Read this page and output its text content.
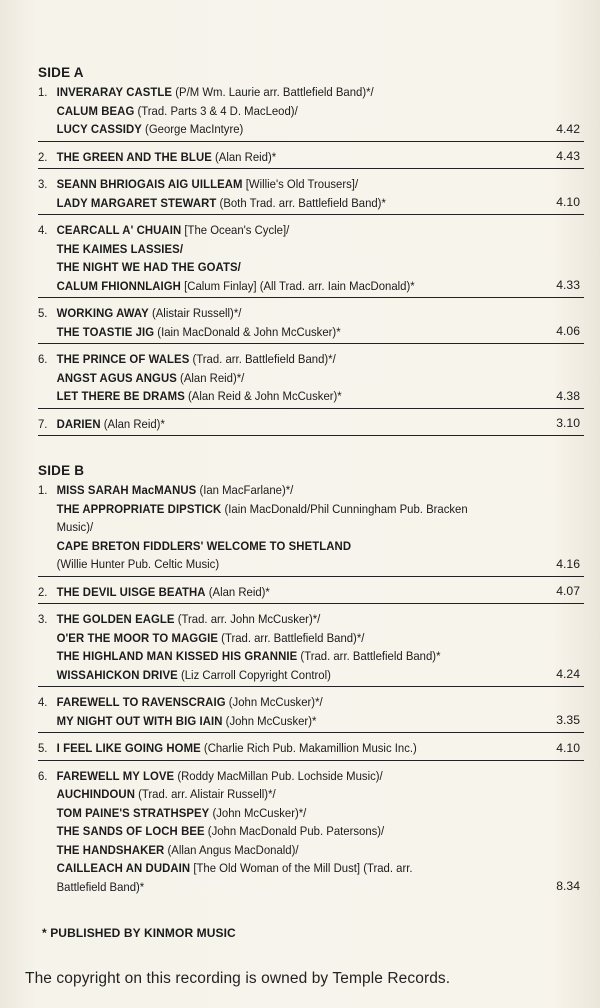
SIDE A
1. INVERARAY CASTLE (P/M Wm. Laurie arr. Battlefield Band)*/
CALUM BEAG (Trad. Parts 3 & 4 D. MacLeod)/
LUCY CASSIDY (George MacIntyre)	4.42
2. THE GREEN AND THE BLUE (Alan Reid)*	4.43
3. SEANN BHRIOGAIS AIG UILLEAM [Willie's Old Trousers]/
LADY MARGARET STEWART (Both Trad. arr. Battlefield Band)*	4.10
4. CEARCALL A' CHUAIN [The Ocean's Cycle]/
THE KAIMES LASSIES/
THE NIGHT WE HAD THE GOATS/
CALUM FHIONNLAIGH [Calum Finlay] (All Trad. arr. Iain MacDonald)*	4.33
5. WORKING AWAY (Alistair Russell)*/
THE TOASTIE JIG (Iain MacDonald & John McCusker)*	4.06
6. THE PRINCE OF WALES (Trad. arr. Battlefield Band)*/
ANGST AGUS ANGUS (Alan Reid)*/
LET THERE BE DRAMS (Alan Reid & John McCusker)*	4.38
7. DARIEN (Alan Reid)*	3.10
SIDE B
1. MISS SARAH MacMANUS (Ian MacFarlane)*/
THE APPROPRIATE DIPSTICK (Iain MacDonald/Phil Cunningham Pub. Bracken
Music)/
CAPE BRETON FIDDLERS' WELCOME TO SHETLAND
(Willie Hunter Pub. Celtic Music)	4.16
2. THE DEVIL UISGE BEATHA (Alan Reid)*	4.07
3. THE GOLDEN EAGLE (Trad. arr. John McCusker)*/
O'ER THE MOOR TO MAGGIE (Trad. arr. Battlefield Band)*/
THE HIGHLAND MAN KISSED HIS GRANNIE (Trad. arr. Battlefield Band)*
WISSAHICKON DRIVE (Liz Carroll Copyright Control)	4.24
4. FAREWELL TO RAVENSCRAIG (John McCusker)*/
MY NIGHT OUT WITH BIG IAIN (John McCusker)*	3.35
5. I FEEL LIKE GOING HOME (Charlie Rich Pub. Makamillion Music Inc.)	4.10
6. FAREWELL MY LOVE (Roddy MacMillan Pub. Lochside Music)/
AUCHINDOUN (Trad. arr. Alistair Russell)*/
TOM PAINE'S STRATHSPEY (John McCusker)*/
THE SANDS OF LOCH BEE (John MacDonald Pub. Patersons)/
THE HANDSHAKER (Allan Angus MacDonald)/
CAILLEACH AN DUDAIN [The Old Woman of the Mill Dust] (Trad. arr.
Battlefield Band)*	8.34
* PUBLISHED BY KINMOR MUSIC
The copyright on this recording is owned by Temple Records.
